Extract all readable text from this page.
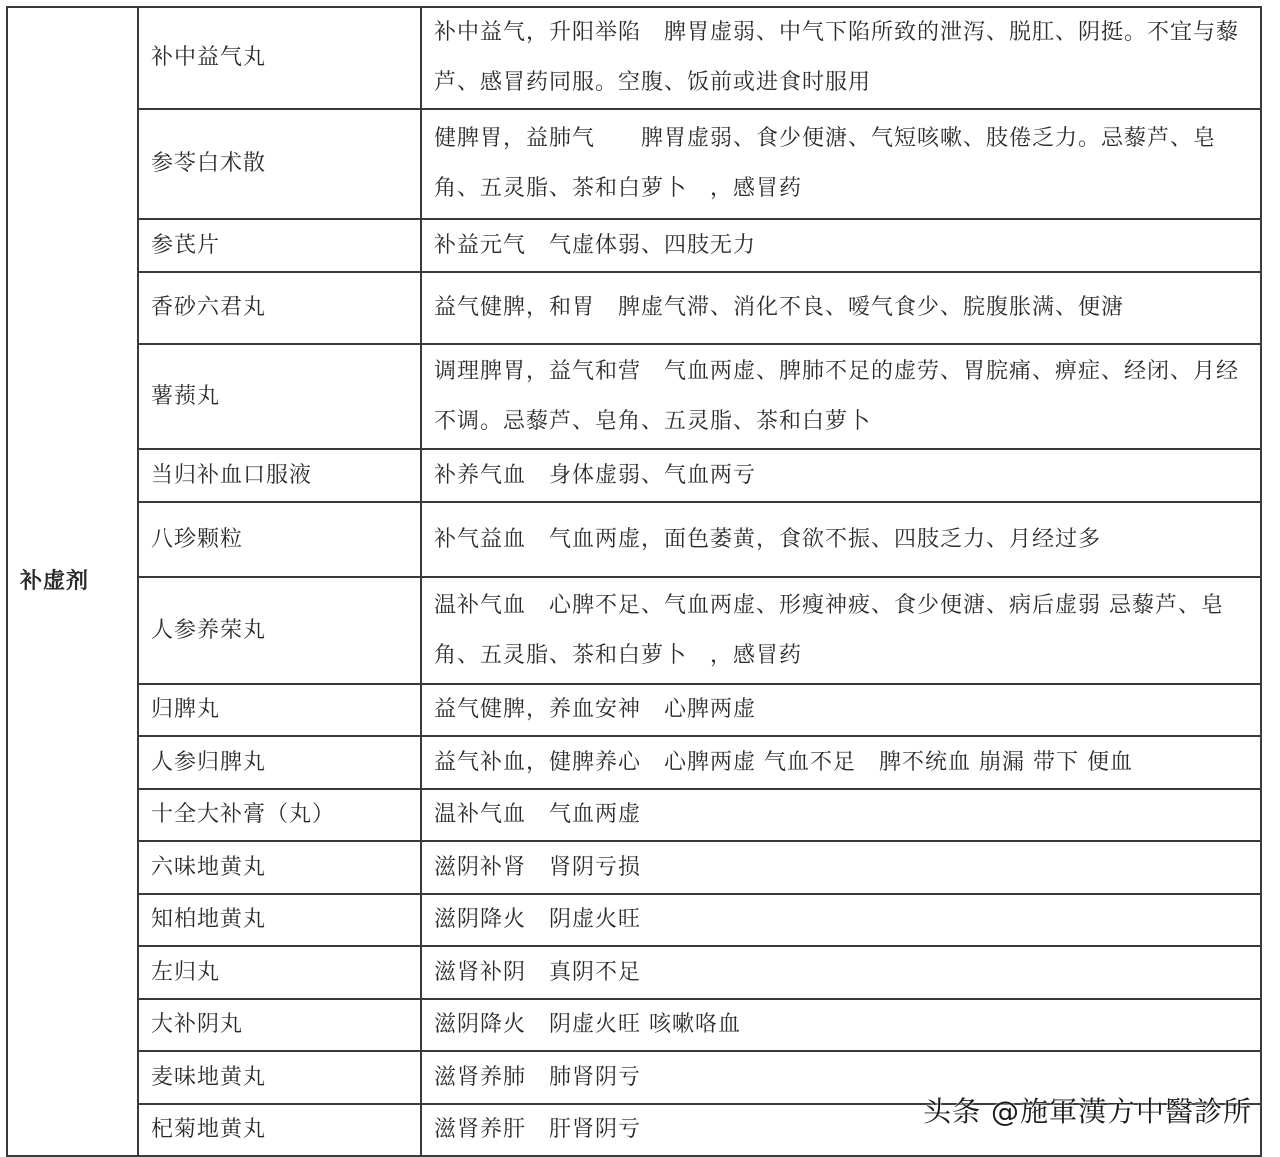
补虚剂	补中益气丸	补中益气，升阳举陷　脾胃虚弱、中气下陷所致的泄泻、脱肛、阴挺。不宜与藜芦、感冒药同服。空腹、饭前或进食时服用
	参苓白术散	健脾胃，益肺气　　脾胃虚弱、食少便溏、气短咳嗽、肢倦乏力。忌藜芦、皂角、五灵脂、茶和白萝卜　，感冒药
	参芪片	补益元气　气虚体弱、四肢无力
	香砂六君丸	益气健脾，和胃　脾虚气滞、消化不良、嗳气食少、脘腹胀满、便溏
	薯蓣丸	调理脾胃，益气和营　气血两虚、脾肺不足的虚劳、胃脘痛、痹症、经闭、月经不调。忌藜芦、皂角、五灵脂、茶和白萝卜
	当归补血口服液	补养气血　身体虚弱、气血两亏
	八珍颗粒	补气益血　气血两虚，面色萎黄，食欲不振、四肢乏力、月经过多
	人参养荣丸	温补气血　心脾不足、气血两虚、形瘦神疲、食少便溏、病后虚弱 忌藜芦、皂角、五灵脂、茶和白萝卜　，感冒药
	归脾丸	益气健脾，养血安神　心脾两虚
	人参归脾丸	益气补血，健脾养心　心脾两虚 气血不足　脾不统血 崩漏 带下 便血
	十全大补膏（丸）	温补气血　气血两虚
	六味地黄丸	滋阴补肾　肾阴亏损
	知柏地黄丸	滋阴降火　阴虚火旺
	左归丸	滋肾补阴　真阴不足
	大补阴丸	滋阴降火　阴虚火旺 咳嗽咯血
	麦味地黄丸	滋肾养肺　肺肾阴亏
	杞菊地黄丸	滋肾养肝　肝肾阴亏
头条 @施軍漢方中醫診所
